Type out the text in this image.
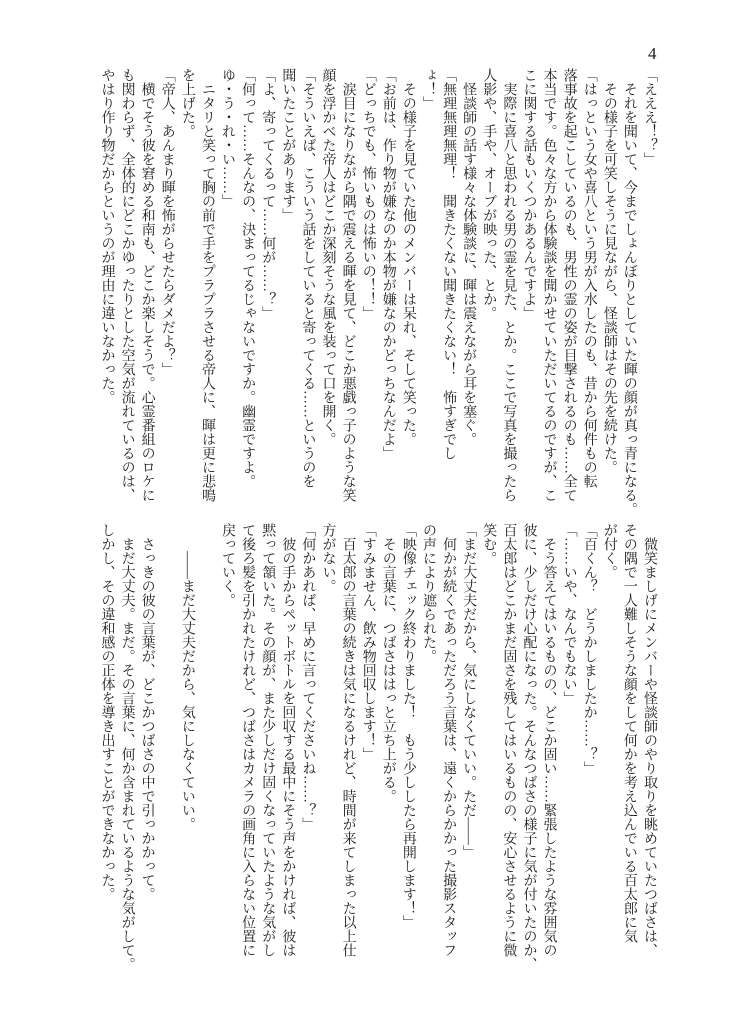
4
「えええ！？」
　それを聞いて、今までしょんぼりとしていた暉の顔が真っ青になる。
　その様子を可笑しそうに見ながら、怪談師はその先を続けた。
「はっという女や喜八という男が入水したのも、昔から何件もの転
落事故を起こしているのも、男性の霊の姿が目撃されるのも……全て
本当です。色々な方から体験談を聞かせていただいてるのですが、こ
こに関する話もいくつかあるんですよ」
　実際に喜八と思われる男の霊を見た、とか。ここで写真を撮ったら
人影や、手や、オーブが映った、とか。
　怪談師の話す様々な体験談に、暉は震えながら耳を塞ぐ。
「無理無理無理！　聞きたくない聞きたくない！　怖すぎでし
ょ！」
　その様子を見ていた他のメンバーは呆れ、そして笑った。
「お前は、作り物が嫌なのか本物が嫌なのかどっちなんだよ」
「どっちでも、怖いものは怖いの！！」
　涙目になりながら隅で震える暉を見て、どこか悪戯っ子のような笑
顔を浮かべた帝人はどこか深刻そうな風を装って口を開く。
「そういえば、こういう話をしていると寄ってくる……というのを
聞いたことがあります」
「よ、寄ってくるって……何が……？」
「何って……そんなの、決まってるじゃないですか。幽霊ですよ。
ゆ・う・れ・い……」
　ニタリと笑って胸の前で手をプラプラさせる帝人に、暉は更に悲鳴
を上げた。
「帝人、あんまり暉を怖がらせたらダメだよ？」
　横でそう彼を窘める和南も、どこか楽しそうで。心霊番組のロケに
も関わらず、全体的にどこかゆったりとした空気が流れているのは、
やはり作り物だからというのが理由に違いなかった。
　微笑ましげにメンバーや怪談師のやり取りを眺めていたつばさは、
その隅で一人難しそうな顔をして何かを考え込んでいる百太郎に気
が付く。
「百くん？　どうかしましたか……？」
「……いや、なんでもない」
　そう答えてはいるものの、どこか固い……緊張したような雰囲気の
彼に、少しだけ心配になった。そんなつばさの様子に気が付いたのか、
百太郎はどこかまだ固さを残してはいるものの、安心させるように微
笑む。
「まだ大丈夫だから、気にしなくていい。ただ――」
　何かが続くであっただろう言葉は、遠くからかかった撮影スタッフ
の声により遮られた。
「映像チェック終わりました！　もう少ししたら再開します！」
　その言葉に、つばさははっと立ち上がる。
「すみません、飲み物回収します！」
　百太郎の言葉の続きは気になるけれど、時間が来てしまった以上仕
方がない。
「何かあれば、早めに言ってくださいね……？」
　彼の手からペットボトルを回収する最中にそう声をかければ、彼は
黙って頷いた。その顔が、また少しだけ固くなっていたような気がし
て後ろ髪を引かれたけれど、つばさはカメラの画角に入らない位置に
戻っていく。
　　――まだ大丈夫だから、気にしなくていい。
　さっきの彼の言葉が、どこかつばさの中で引っかかって。
　まだ大丈夫。まだ。その言葉に、何か含まれているような気がして。
しかし、その違和感の正体を導き出すことができなかった。
